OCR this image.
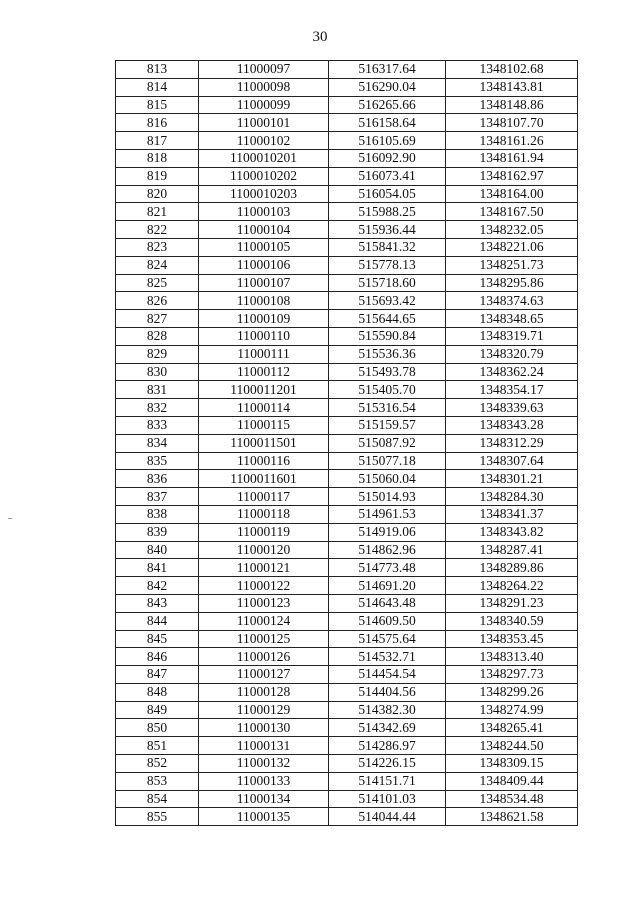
30
813	11000097	516317.64	1348102.68
814	11000098	516290.04	1348143.81
815	11000099	516265.66	1348148.86
816	11000101	516158.64	1348107.70
817	11000102	516105.69	1348161.26
818	1100010201	516092.90	1348161.94
819	1100010202	516073.41	1348162.97
820	1100010203	516054.05	1348164.00
821	11000103	515988.25	1348167.50
822	11000104	515936.44	1348232.05
823	11000105	515841.32	1348221.06
824	11000106	515778.13	1348251.73
825	11000107	515718.60	1348295.86
826	11000108	515693.42	1348374.63
827	11000109	515644.65	1348348.65
828	11000110	515590.84	1348319.71
829	11000111	515536.36	1348320.79
830	11000112	515493.78	1348362.24
831	1100011201	515405.70	1348354.17
832	11000114	515316.54	1348339.63
833	11000115	515159.57	1348343.28
834	1100011501	515087.92	1348312.29
835	11000116	515077.18	1348307.64
836	1100011601	515060.04	1348301.21
837	11000117	515014.93	1348284.30
838	11000118	514961.53	1348341.37
839	11000119	514919.06	1348343.82
840	11000120	514862.96	1348287.41
841	11000121	514773.48	1348289.86
842	11000122	514691.20	1348264.22
843	11000123	514643.48	1348291.23
844	11000124	514609.50	1348340.59
845	11000125	514575.64	1348353.45
846	11000126	514532.71	1348313.40
847	11000127	514454.54	1348297.73
848	11000128	514404.56	1348299.26
849	11000129	514382.30	1348274.99
850	11000130	514342.69	1348265.41
851	11000131	514286.97	1348244.50
852	11000132	514226.15	1348309.15
853	11000133	514151.71	1348409.44
854	11000134	514101.03	1348534.48
855	11000135	514044.44	1348621.58
